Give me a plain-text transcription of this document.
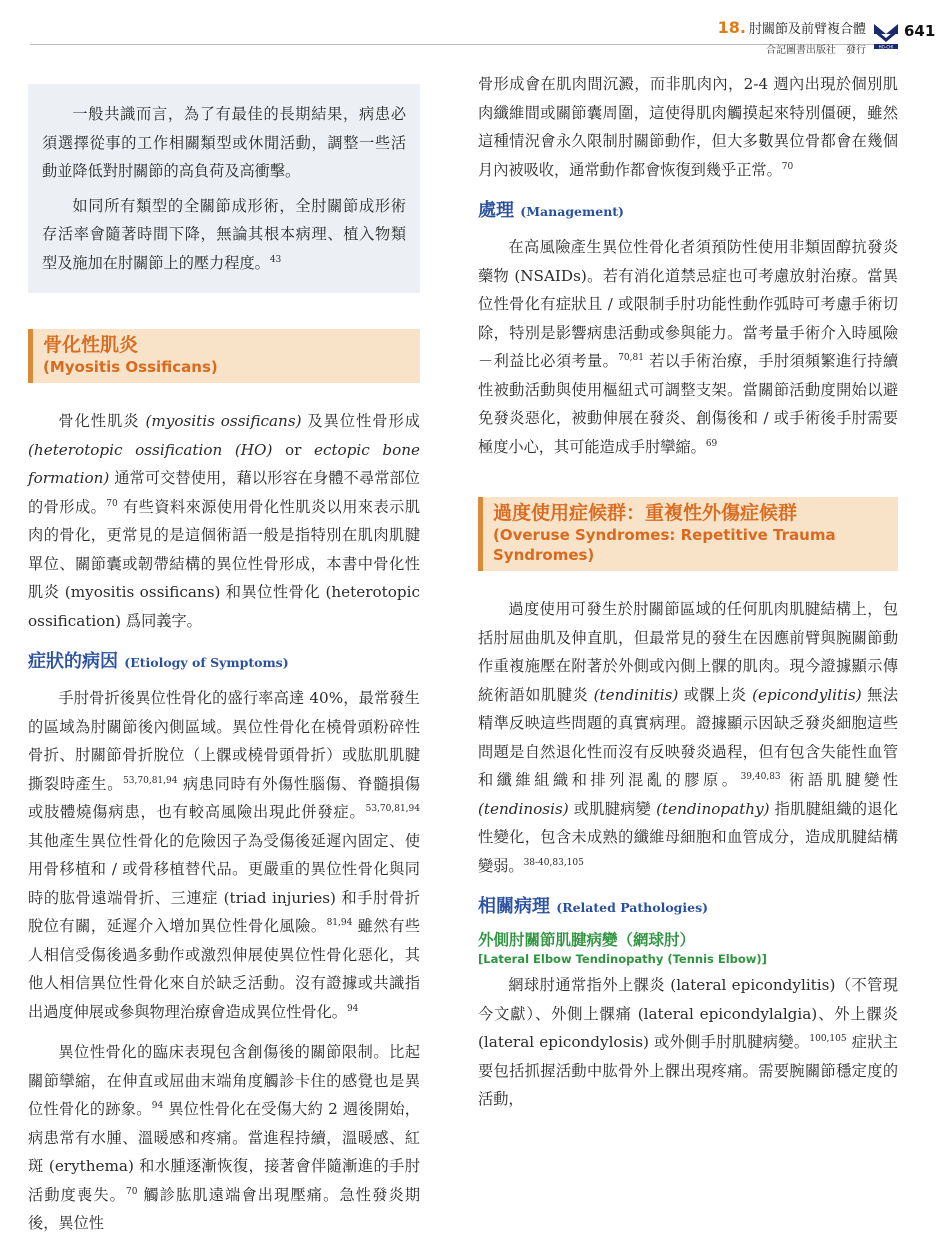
18. 肘關節及前臂複合體
合記圖書出版社　發行	HO-CHI
641

一般共識而言，為了有最佳的長期結果，病患必須選擇從事的工作相關類型或休閒活動，調整一些活動並降低對肘關節的高負荷及高衝擊。

如同所有類型的全關節成形術，全肘關節成形術存活率會隨著時間下降，無論其根本病理、植入物類型及施加在肘關節上的壓力程度。$^{43}$

骨化性肌炎
(Myositis Ossificans)

骨化性肌炎 (myositis ossificans) 及異位性骨形成 (heterotopic ossification (HO) or ectopic bone formation) 通常可交替使用，藉以形容在身體不尋常部位的骨形成。$^{70}$ 有些資料來源使用骨化性肌炎以用來表示肌肉的骨化，更常見的是這個術語一般是指特別在肌肉肌腱單位、關節囊或韌帶結構的異位性骨形成，本書中骨化性肌炎 (myositis ossificans) 和異位性骨化 (heterotopic ossification) 爲同義字。

症狀的病因 (Etiology of Symptoms)

手肘骨折後異位性骨化的盛行率高達 40%，最常發生的區域為肘關節後內側區域。異位性骨化在橈骨頭粉碎性骨折、肘關節骨折脫位（上髁或橈骨頭骨折）或肱肌肌腱撕裂時產生。$^{53,70,81,94}$ 病患同時有外傷性腦傷、脊髓損傷或肢體燒傷病患，也有較高風險出現此併發症。$^{53,70,81,94}$ 其他產生異位性骨化的危險因子為受傷後延遲內固定、使用骨移植和 / 或骨移植替代品。更嚴重的異位性骨化與同時的肱骨遠端骨折、三連症 (triad injuries) 和手肘骨折脫位有關，延遲介入增加異位性骨化風險。$^{81,94}$ 雖然有些人相信受傷後過多動作或激烈伸展使異位性骨化惡化，其他人相信異位性骨化來自於缺乏活動。沒有證據或共識指出過度伸展或參與物理治療會造成異位性骨化。$^{94}$

異位性骨化的臨床表現包含創傷後的關節限制。比起關節攣縮，在伸直或屈曲末端角度觸診卡住的感覺也是異位性骨化的跡象。$^{94}$ 異位性骨化在受傷大約 2 週後開始，病患常有水腫、溫暖感和疼痛。當進程持續，溫暖感、紅斑 (erythema) 和水腫逐漸恢復，接著會伴隨漸進的手肘活動度喪失。$^{70}$ 觸診肱肌遠端會出現壓痛。急性發炎期後，異位性

骨形成會在肌肉間沉澱，而非肌肉內，2-4 週內出現於個別肌肉纖維間或關節囊周圍，這使得肌肉觸摸起來特別僵硬，雖然這種情況會永久限制肘關節動作，但大多數異位骨都會在幾個月內被吸收，通常動作都會恢復到幾乎正常。$^{70}$

處理 (Management)

在高風險產生異位性骨化者須預防性使用非類固醇抗發炎藥物 (NSAIDs)。若有消化道禁忌症也可考慮放射治療。當異位性骨化有症狀且 / 或限制手肘功能性動作弧時可考慮手術切除，特別是影響病患活動或參與能力。當考量手術介入時風險－利益比必須考量。$^{70,81}$ 若以手術治療，手肘須頻繁進行持續性被動活動與使用樞紐式可調整支架。當關節活動度開始以避免發炎惡化，被動伸展在發炎、創傷後和 / 或手術後手肘需要極度小心，其可能造成手肘攣縮。$^{69}$

過度使用症候群：重複性外傷症候群
(Overuse Syndromes: Repetitive Trauma Syndromes)

過度使用可發生於肘關節區域的任何肌肉肌腱結構上，包括肘屈曲肌及伸直肌，但最常見的發生在因應前臂與腕關節動作重複施壓在附著於外側或內側上髁的肌肉。現今證據顯示傳統術語如肌腱炎 (tendinitis) 或髁上炎 (epicondylitis) 無法精準反映這些問題的真實病理。證據顯示因缺乏發炎細胞這些問題是自然退化性而沒有反映發炎過程，但有包含失能性血管和纖維組織和排列混亂的膠原。$^{39,40,83}$ 術語肌腱變性 (tendinosis) 或肌腱病變 (tendinopathy) 指肌腱組織的退化性變化，包含未成熟的纖維母細胞和血管成分，造成肌腱結構變弱。$^{38-40,83,105}$

相關病理 (Related Pathologies)
外側肘關節肌腱病變（網球肘）
[Lateral Elbow Tendinopathy (Tennis Elbow)]

網球肘通常指外上髁炎 (lateral epicondylitis)（不管現今文獻）、外側上髁痛 (lateral epicondylalgia)、外上髁炎 (lateral epicondylosis) 或外側手肘肌腱病變。$^{100,105}$ 症狀主要包括抓握活動中肱骨外上髁出現疼痛。需要腕關節穩定度的活動，
